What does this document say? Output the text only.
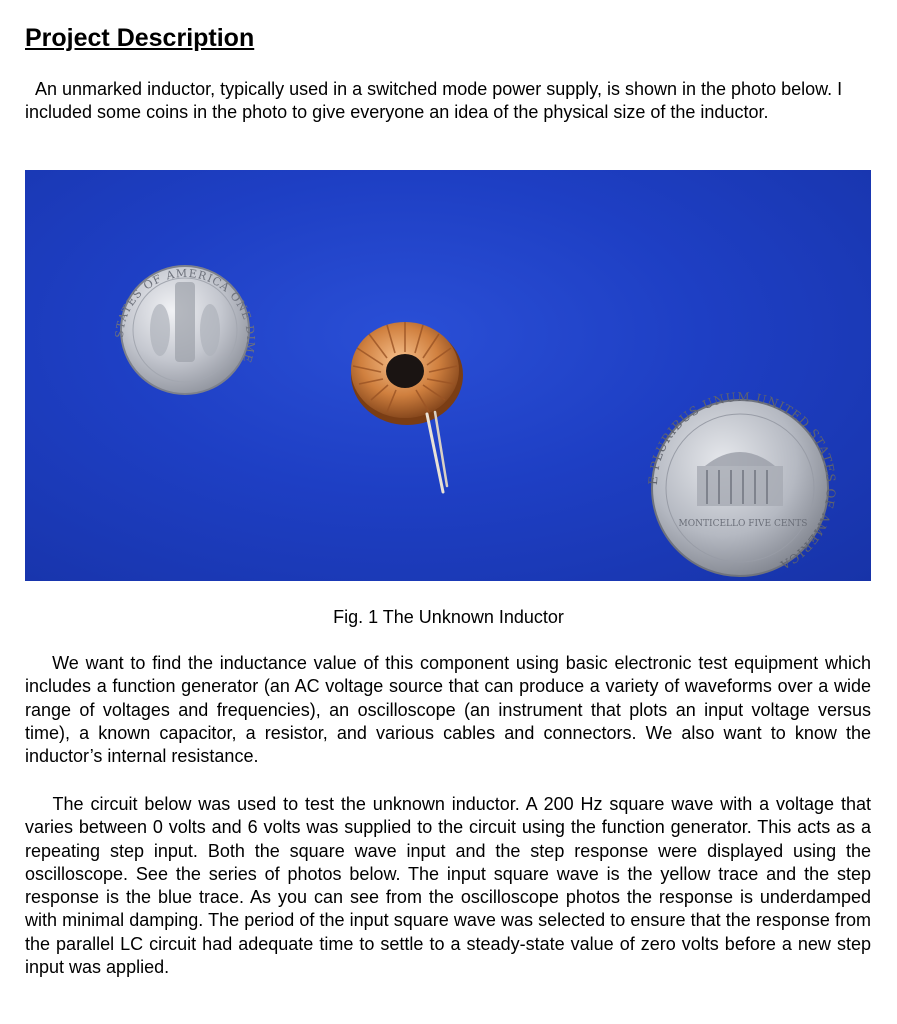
Project Description

An unmarked inductor, typically used in a switched mode power supply, is shown in the photo below. I included some coins in the photo to give everyone an idea of the physical size of the inductor.

STATES OF AMERICA ONE DIME
MONTICELLO FIVE CENTS
E PLURIBUS UNUM UNITED STATES OF AMERICA

Fig. 1 The Unknown Inductor

We want to find the inductance value of this component using basic electronic test equipment which includes a function generator (an AC voltage source that can produce a variety of waveforms over a wide range of voltages and frequencies), an oscilloscope (an instrument that plots an input voltage versus time), a known capacitor, a resistor, and various cables and connectors. We also want to know the inductor’s internal resistance.

The circuit below was used to test the unknown inductor. A 200 Hz square wave with a voltage that varies between 0 volts and 6 volts was supplied to the circuit using the function generator. This acts as a repeating step input. Both the square wave input and the step response were displayed using the oscilloscope. See the series of photos below. The input square wave is the yellow trace and the step response is the blue trace. As you can see from the oscilloscope photos the response is underdamped with minimal damping. The period of the input square wave was selected to ensure that the response from the parallel LC circuit had adequate time to settle to a steady-state value of zero volts before a new step input was applied.
